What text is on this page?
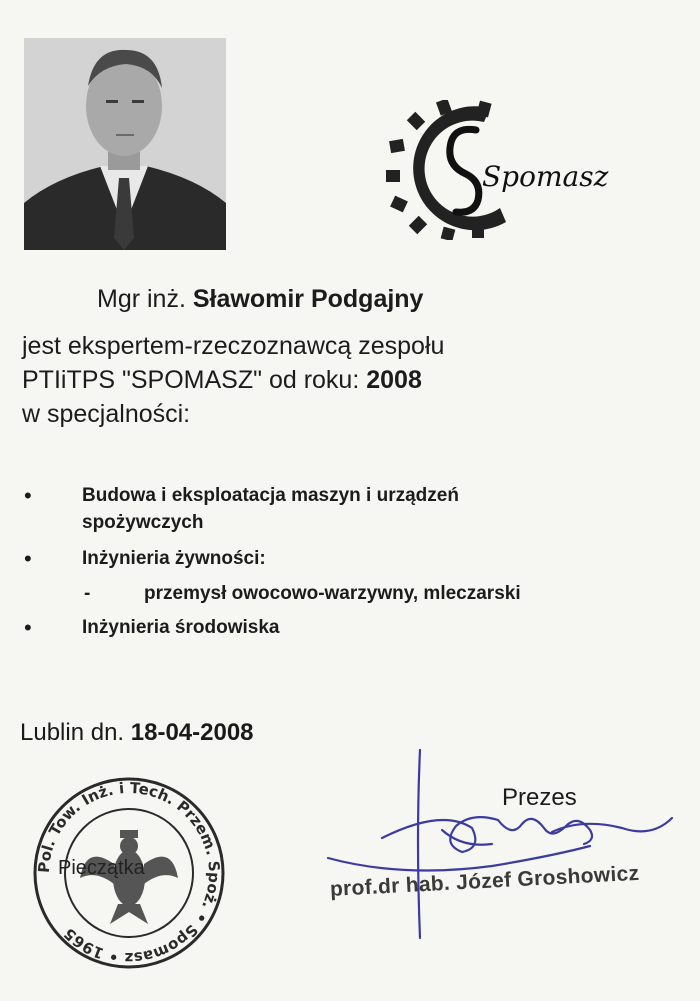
Spomasz
Mgr inż. Sławomir Podgajny
jest ekspertem-rzeczoznawcą zespołu
PTIiTPS "SPOMASZ" od roku: 2008
w specjalności:
•	Budowa i eksploatacja maszyn i urządzeń
spożywczych
•	Inżynieria żywności:
-	przemysł owocowo-warzywny, mleczarski
•	Inżynieria środowiska
Lublin dn. 18-04-2008
Pol. Tow. Inż. i Tech. Przem. Spoż. • Spomasz • 1965
Pieczątka
Prezes
prof.dr hab. Józef Groshowicz
